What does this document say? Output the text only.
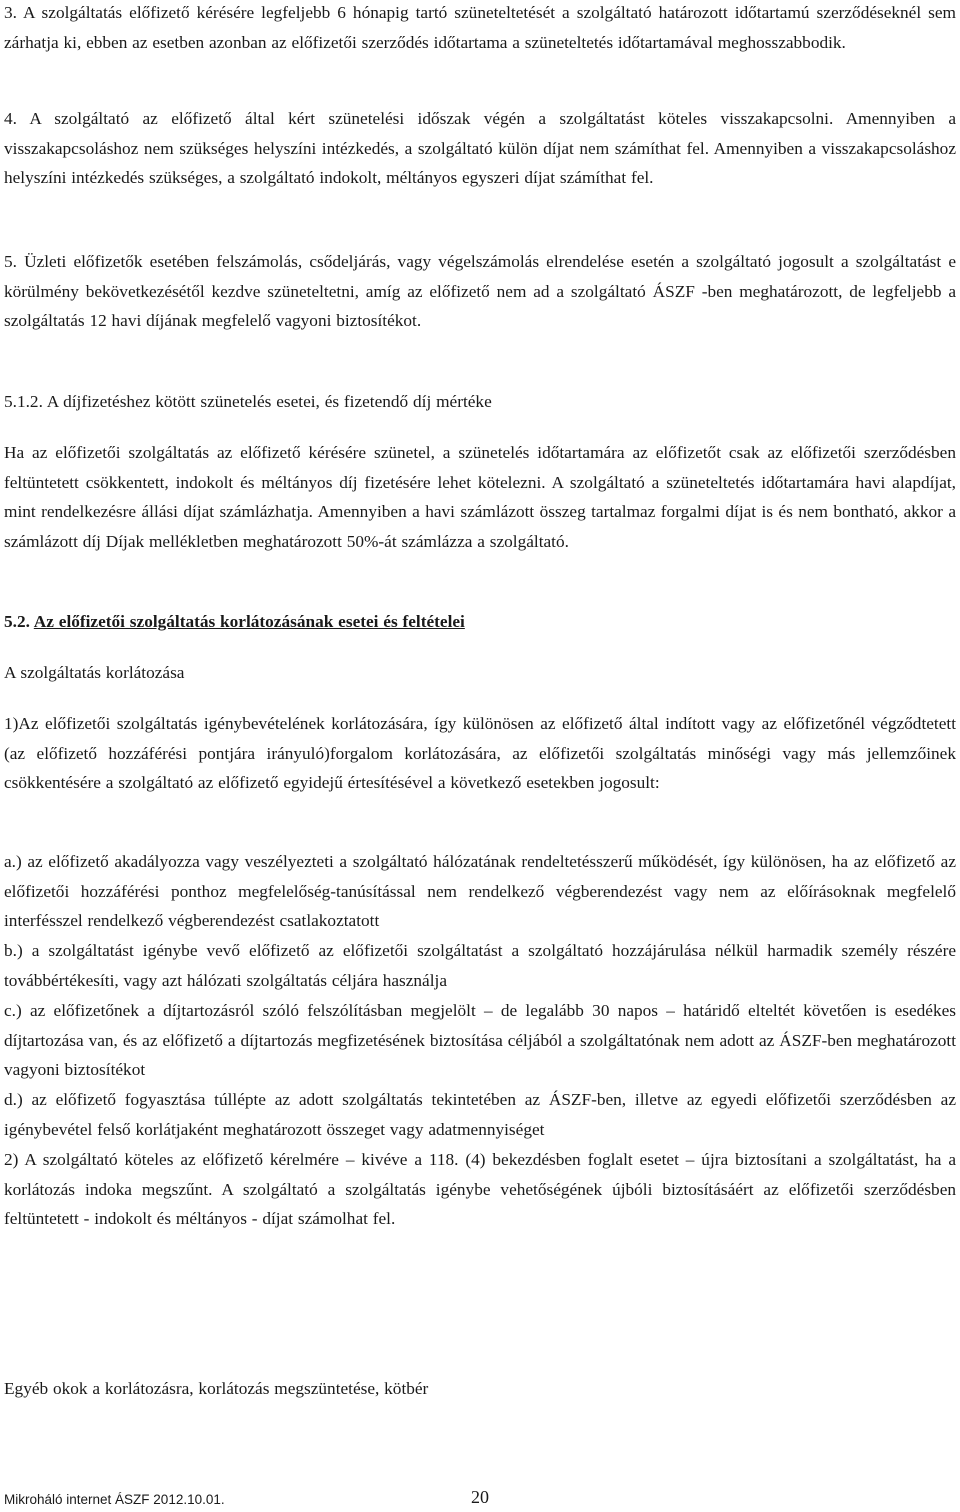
3. A szolgáltatás előfizető kérésére legfeljebb 6 hónapig tartó szüneteltetését a szolgáltató határozott időtartamú szerződéseknél sem zárhatja ki, ebben az esetben azonban az előfizetői szerződés időtartama a szüneteltetés időtartamával meghosszabbodik.

4. A szolgáltató az előfizető által kért szünetelési időszak végén a szolgáltatást köteles visszakapcsolni. Amennyiben a visszakapcsoláshoz nem szükséges helyszíni intézkedés, a szolgáltató külön díjat nem számíthat fel. Amennyiben a visszakapcsoláshoz helyszíni intézkedés szükséges, a szolgáltató indokolt, méltányos egyszeri díjat számíthat fel.

5. Üzleti előfizetők esetében felszámolás, csődeljárás, vagy végelszámolás elrendelése esetén a szolgáltató jogosult a szolgáltatást e körülmény bekövetkezésétől kezdve szüneteltetni, amíg az előfizető nem ad a szolgáltató ÁSZF -ben meghatározott, de legfeljebb a szolgáltatás 12 havi díjának megfelelő vagyoni biztosítékot.

5.1.2. A díjfizetéshez kötött szünetelés esetei, és fizetendő díj mértéke

Ha az előfizetői szolgáltatás az előfizető kérésére szünetel, a szünetelés időtartamára az előfizetőt csak az előfizetői szerződésben feltüntetett csökkentett, indokolt és méltányos díj fizetésére lehet kötelezni. A szolgáltató a szüneteltetés időtartamára havi alapdíjat, mint rendelkezésre állási díjat számlázhatja. Amennyiben a havi számlázott összeg tartalmaz forgalmi díjat is és nem bontható, akkor a számlázott díj Díjak mellékletben meghatározott 50%-át számlázza a szolgáltató.

5.2. Az előfizetői szolgáltatás korlátozásának esetei és feltételei

A szolgáltatás korlátozása

1)Az előfizetői szolgáltatás igénybevételének korlátozására, így különösen az előfizető által indított vagy az előfizetőnél végződtetett (az előfizető hozzáférési pontjára irányuló)forgalom korlátozására, az előfizetői szolgáltatás minőségi vagy más jellemzőinek csökkentésére a szolgáltató az előfizető egyidejű értesítésével a következő esetekben jogosult:

a.) az előfizető akadályozza vagy veszélyezteti a szolgáltató hálózatának rendeltetésszerű működését, így különösen, ha az előfizető az előfizetői hozzáférési ponthoz megfelelőség-tanúsítással nem rendelkező végberendezést vagy nem az előírásoknak megfelelő interfésszel rendelkező végberendezést csatlakoztatott

b.) a szolgáltatást igénybe vevő előfizető az előfizetői szolgáltatást a szolgáltató hozzájárulása nélkül harmadik személy részére továbbértékesíti, vagy azt hálózati szolgáltatás céljára használja

c.) az előfizetőnek a díjtartozásról szóló felszólításban megjelölt – de legalább 30 napos – határidő elteltét követően is esedékes díjtartozása van, és az előfizető a díjtartozás megfizetésének biztosítása céljából a szolgáltatónak nem adott az ÁSZF-ben meghatározott vagyoni biztosítékot

d.) az előfizető fogyasztása túllépte az adott szolgáltatás tekintetében az ÁSZF-ben, illetve az egyedi előfizetői szerződésben az igénybevétel felső korlátjaként meghatározott összeget vagy adatmennyiséget

2) A szolgáltató köteles az előfizető kérelmére – kivéve a 118. (4) bekezdésben foglalt esetet – újra biztosítani a szolgáltatást, ha a korlátozás indoka megszűnt. A szolgáltató a szolgáltatás igénybe vehetőségének újbóli biztosításáért az előfizetői szerződésben feltüntetett - indokolt és méltányos - díjat számolhat fel.

Egyéb okok a korlátozásra, korlátozás megszüntetése, kötbér

Mikroháló internet ÁSZF 2012.10.01.	20
